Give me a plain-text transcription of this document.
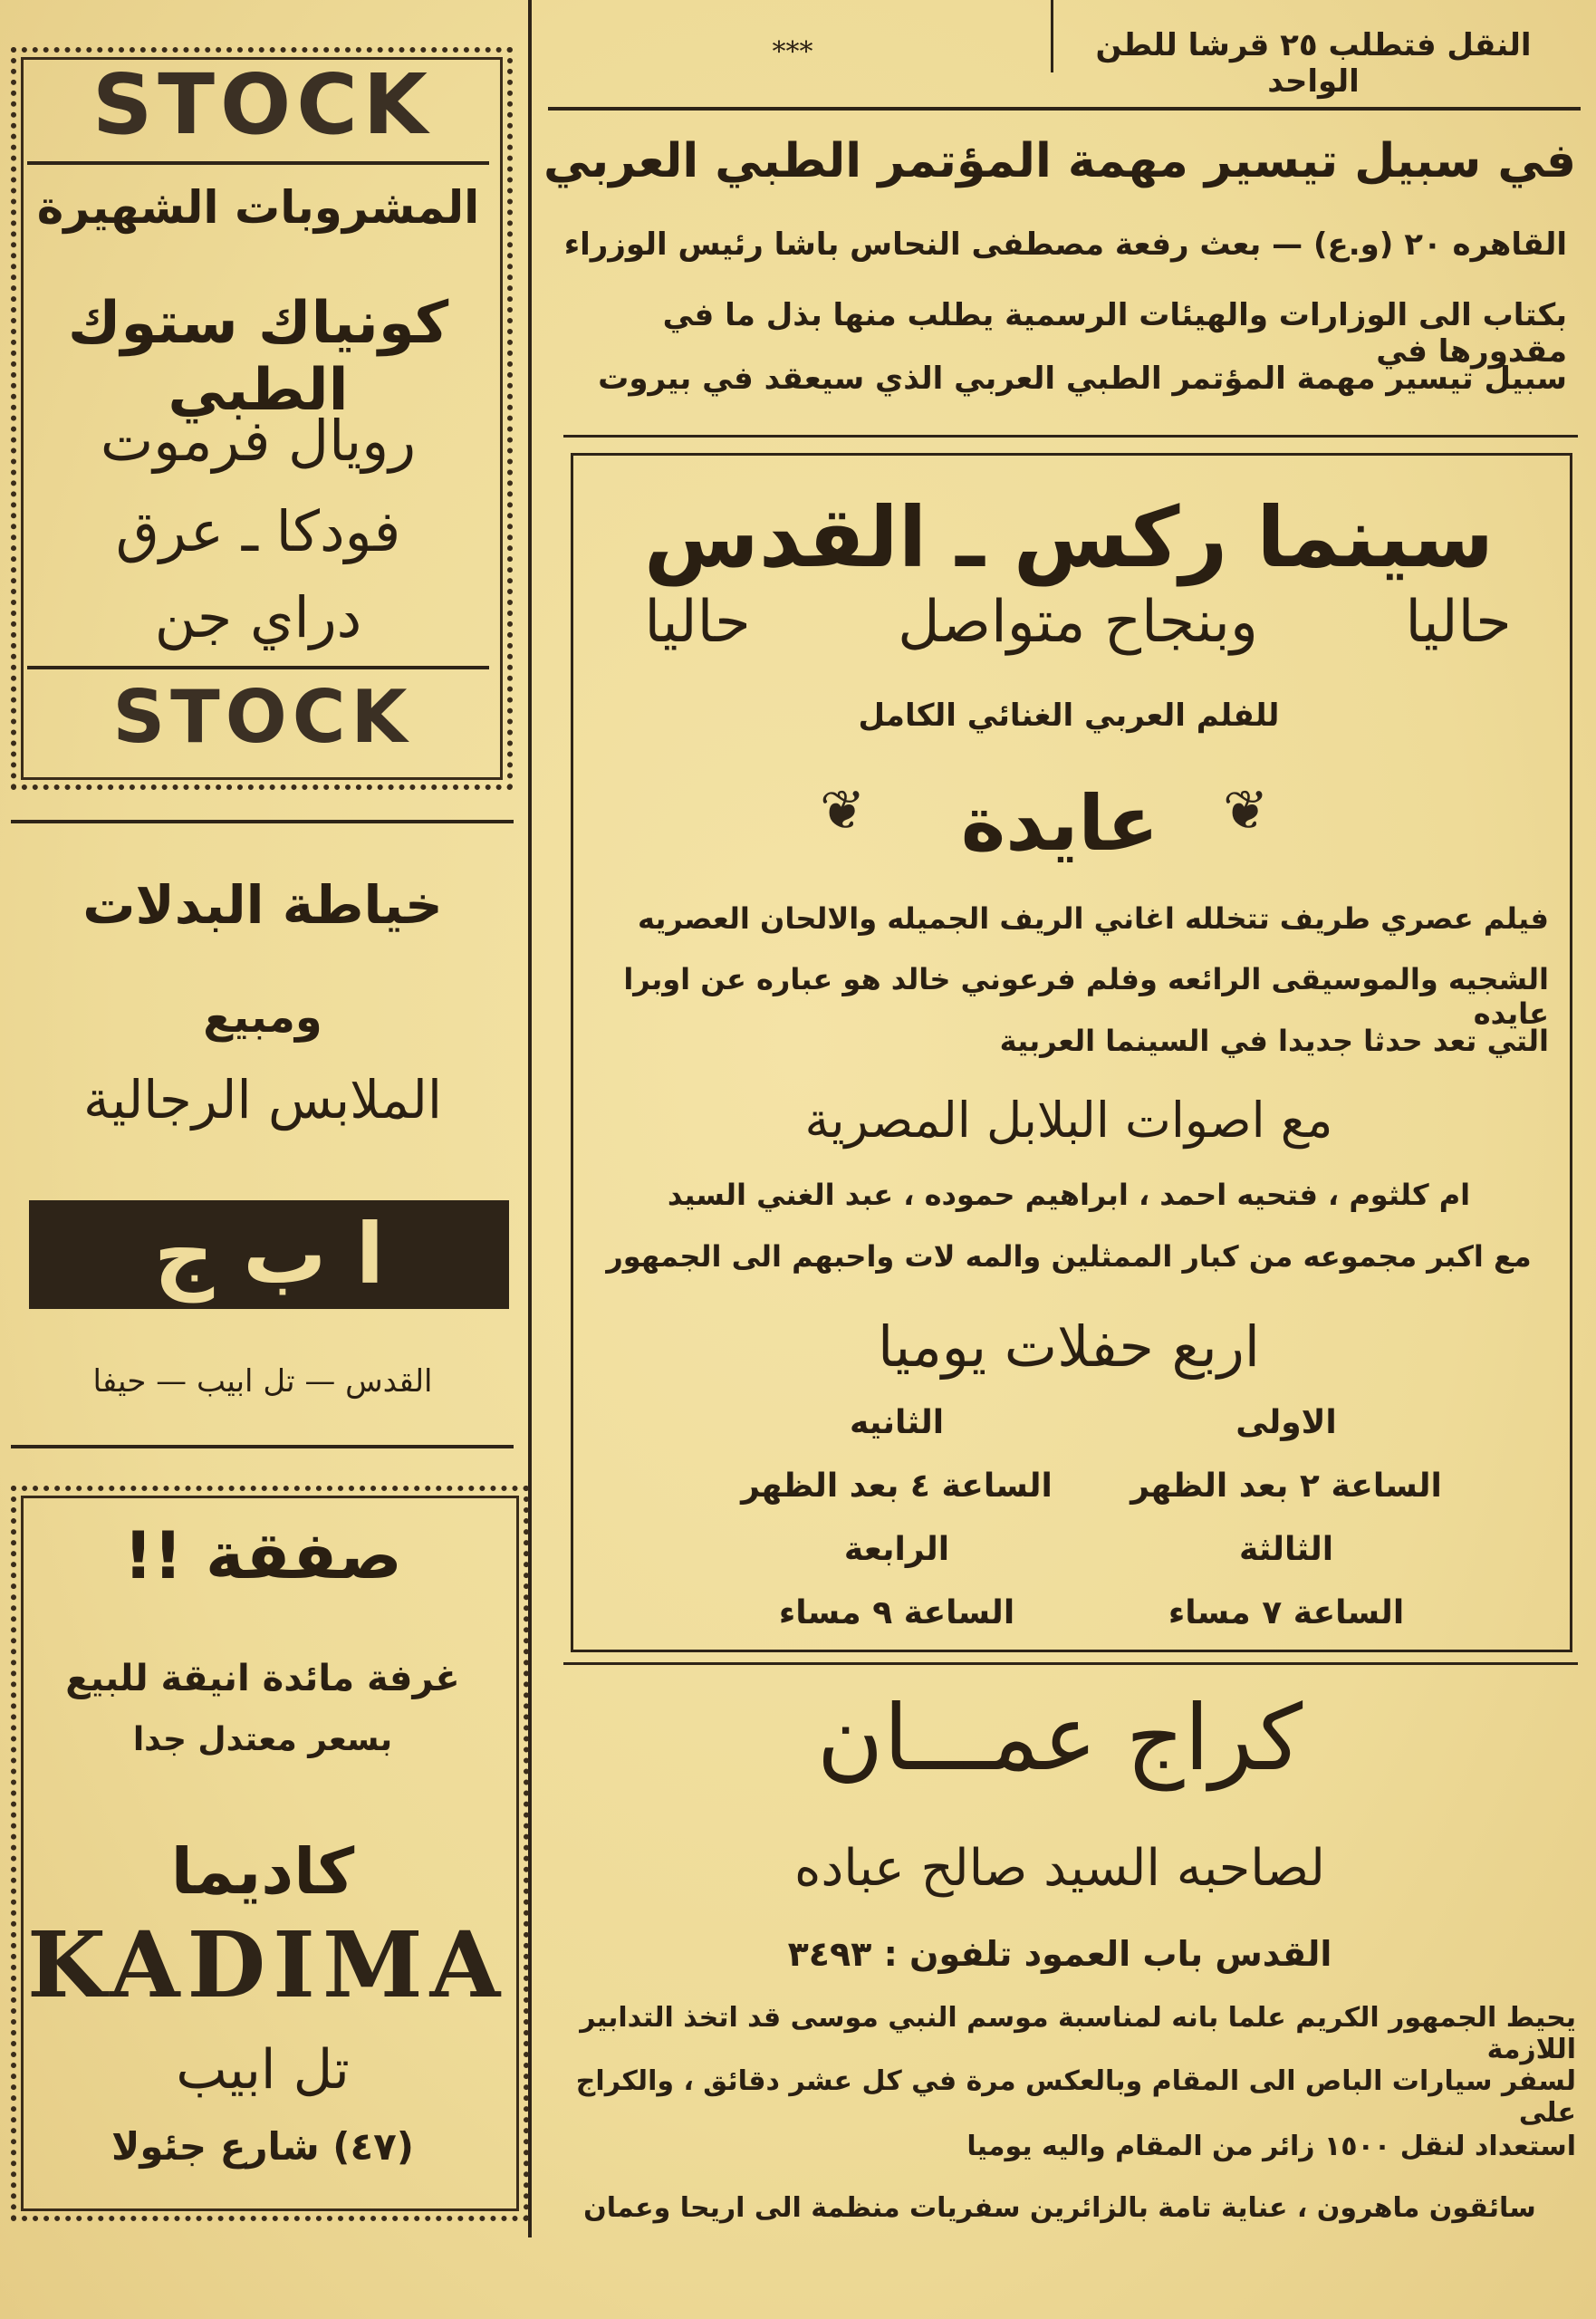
النقل فتطلب ٢٥ قرشا للطن الواحد
***
STOCK
المشروبات الشهيرة
كونياك ستوك الطبي
رويال فرموت
فودكا ـ عرق
دراي جن
STOCK
خياطة البدلات
ومبيع
الملابس الرجالية
ا ب ج
القدس — تل ابيب — حيفا
صفقة !!
غرفة مائدة انيقة للبيع
بسعر معتدل جدا
كاديما
KADIMA
تل ابيب
(٤٧) شارع جئولا
في سبيل تيسير مهمة المؤتمر الطبي العربي
القاهره ٢٠ (و.ع) — بعث رفعة مصطفى النحاس باشا رئيس الوزراء
بكتاب الى الوزارات والهيئات الرسمية يطلب منها بذل ما في مقدورها في
سبيل تيسير مهمة المؤتمر الطبي العربي الذي سيعقد في بيروت
سينما ركس ـ القدس
حاليا
وبنجاح متواصل
حاليا
للفلم العربي الغنائي الكامل
❦	عايدة	❦
فيلم عصري طريف تتخلله اغاني الريف الجميله والالحان العصريه
الشجيه والموسيقى الرائعه وفلم فرعوني خالد هو عباره عن اوبرا عايده
التي تعد حدثا جديدا في السينما العربية
مع اصوات البلابل المصرية
ام كلثوم ، فتحيه احمد ، ابراهيم حموده ، عبد الغني السيد
مع اكبر مجموعه من كبار الممثلين والمه لات واحبهم الى الجمهور
اربع حفلات يوميا
الاولى
الثانيه
الساعة ٢ بعد الظهر
الساعة ٤ بعد الظهر
الثالثة
الرابعة
الساعة ٧ مساء
الساعة ٩ مساء
كراج عمـــان
لصاحبه السيد صالح عباده
القدس باب العمود تلفون : ٣٤٩٣
يحيط الجمهور الكريم علما بانه لمناسبة موسم النبي موسى قد اتخذ التدابير اللازمة
لسفر سيارات الباص الى المقام وبالعكس مرة في كل عشر دقائق ، والكراج على
استعداد لنقل ١٥٠٠ زائر من المقام واليه يوميا
سائقون ماهرون ، عناية تامة بالزائرين سفريات منظمة الى اريحا وعمان
